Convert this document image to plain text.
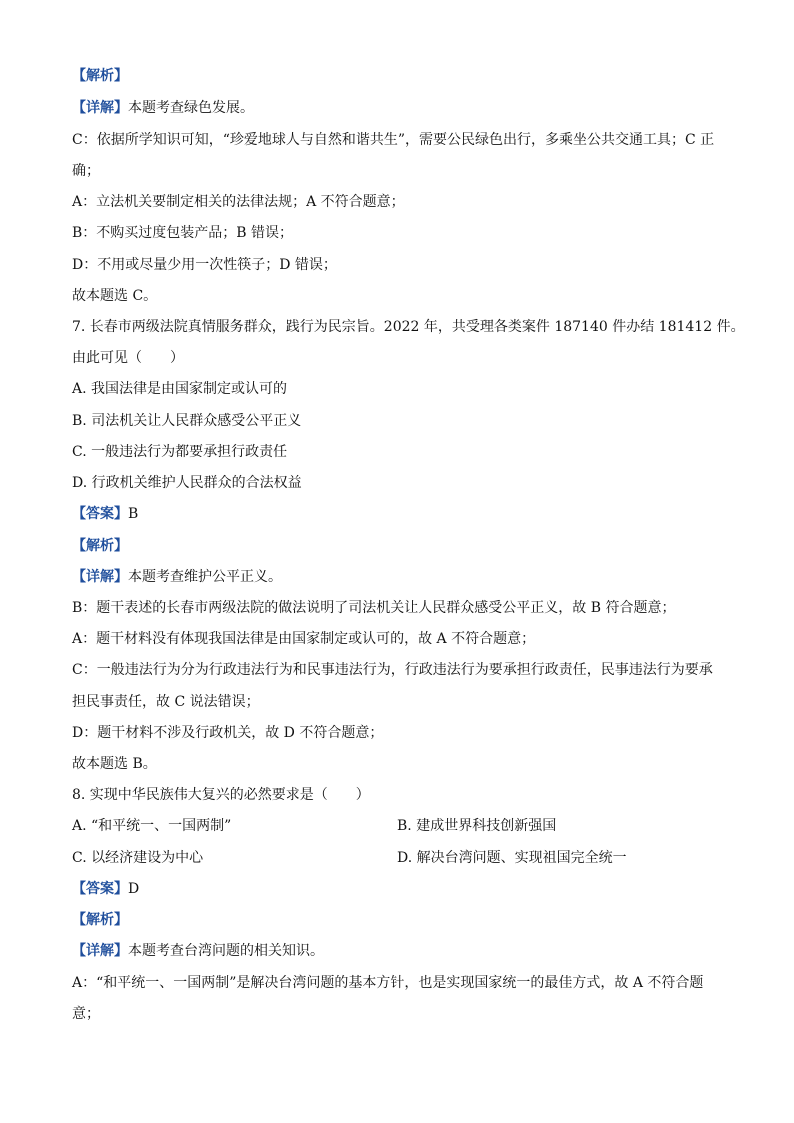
【解析】
【详解】本题考查绿色发展。
C：依据所学知识可知，“珍爱地球人与自然和谐共生”，需要公民绿色出行，多乘坐公共交通工具；C 正
确；
A：立法机关要制定相关的法律法规；A 不符合题意；
B：不购买过度包装产品；B 错误；
D：不用或尽量少用一次性筷子；D 错误；
故本题选 C。
7. 长春市两级法院真情服务群众，践行为民宗旨。2022 年，共受理各类案件 187140 件办结 181412 件。
由此可见（　　）
A. 我国法律是由国家制定或认可的
B. 司法机关让人民群众感受公平正义
C. 一般违法行为都要承担行政责任
D. 行政机关维护人民群众的合法权益
【答案】B
【解析】
【详解】本题考查维护公平正义。
B：题干表述的长春市两级法院的做法说明了司法机关让人民群众感受公平正义，故 B 符合题意；
A：题干材料没有体现我国法律是由国家制定或认可的，故 A 不符合题意；
C：一般违法行为分为行政违法行为和民事违法行为，行政违法行为要承担行政责任，民事违法行为要承
担民事责任，故 C 说法错误；
D：题干材料不涉及行政机关，故 D 不符合题意；
故本题选 B。
8. 实现中华民族伟大复兴的必然要求是（　　）
A. “和平统一、一国两制”	B. 建成世界科技创新强国
C. 以经济建设为中心	D. 解决台湾问题、实现祖国完全统一
【答案】D
【解析】
【详解】本题考查台湾问题的相关知识。
A：“和平统一、一国两制”是解决台湾问题的基本方针，也是实现国家统一的最佳方式，故 A 不符合题
意；
